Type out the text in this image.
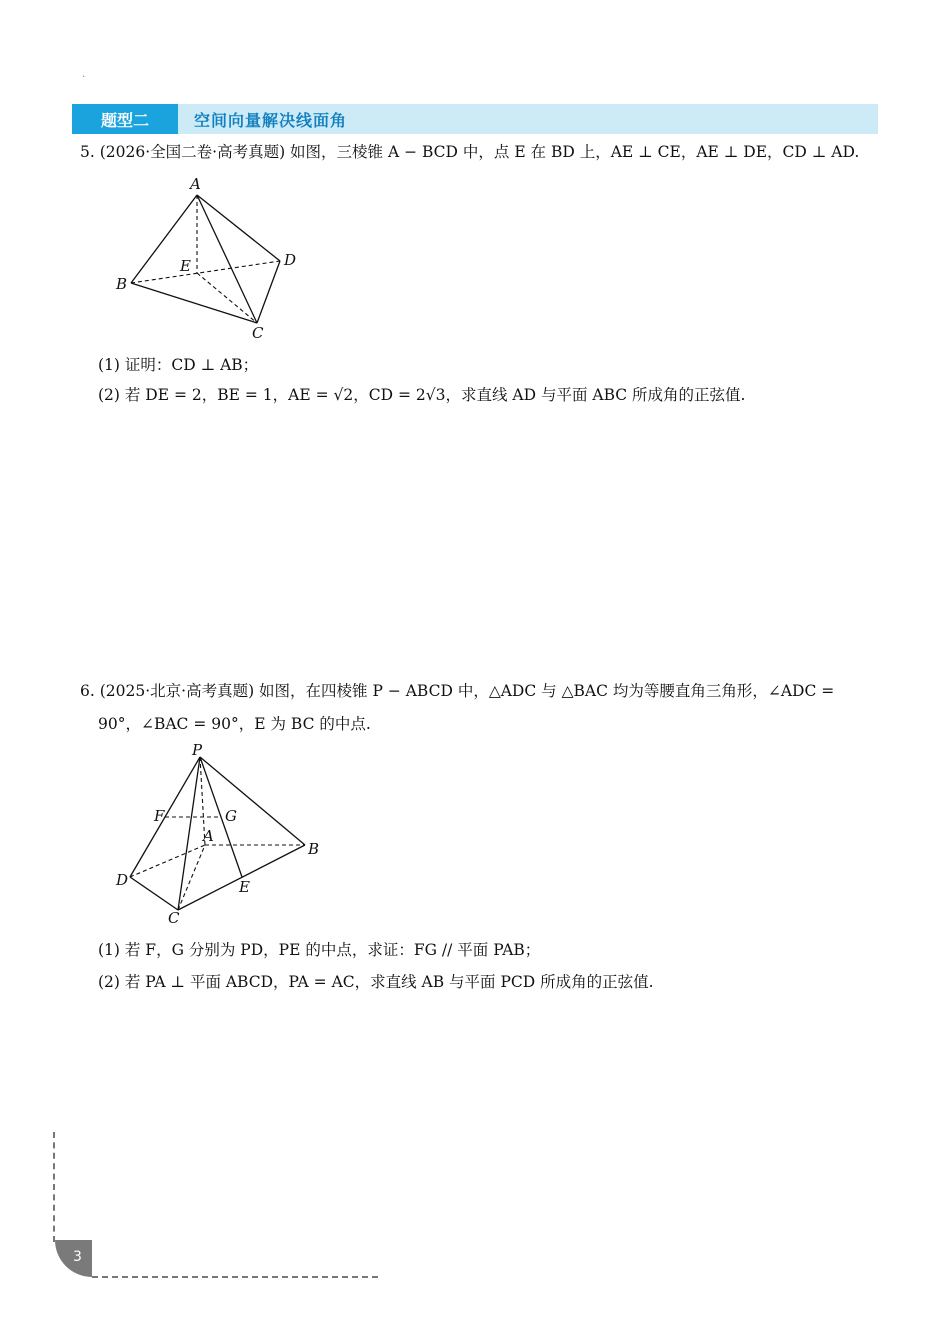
·
题型二	空间向量解决线面角
5. (2026·全国二卷·高考真题) 如图，三棱锥 A − BCD 中，点 E 在 BD 上，AE ⊥ CE，AE ⊥ DE，CD ⊥ AD.
A
B
C
D
E
(1) 证明：CD ⊥ AB；
(2) 若 DE = 2，BE = 1，AE = √2，CD = 2√3，求直线 AD 与平面 ABC 所成角的正弦值.
6. (2025·北京·高考真题) 如图，在四棱锥 P − ABCD 中，△ADC 与 △BAC 均为等腰直角三角形，∠ADC =
90°，∠BAC = 90°，E 为 BC 的中点.
P
F	G
A
B
D	E
C
(1) 若 F，G 分别为 PD，PE 的中点，求证：FG // 平面 PAB；
(2) 若 PA ⊥ 平面 ABCD，PA = AC，求直线 AB 与平面 PCD 所成角的正弦值.
3
